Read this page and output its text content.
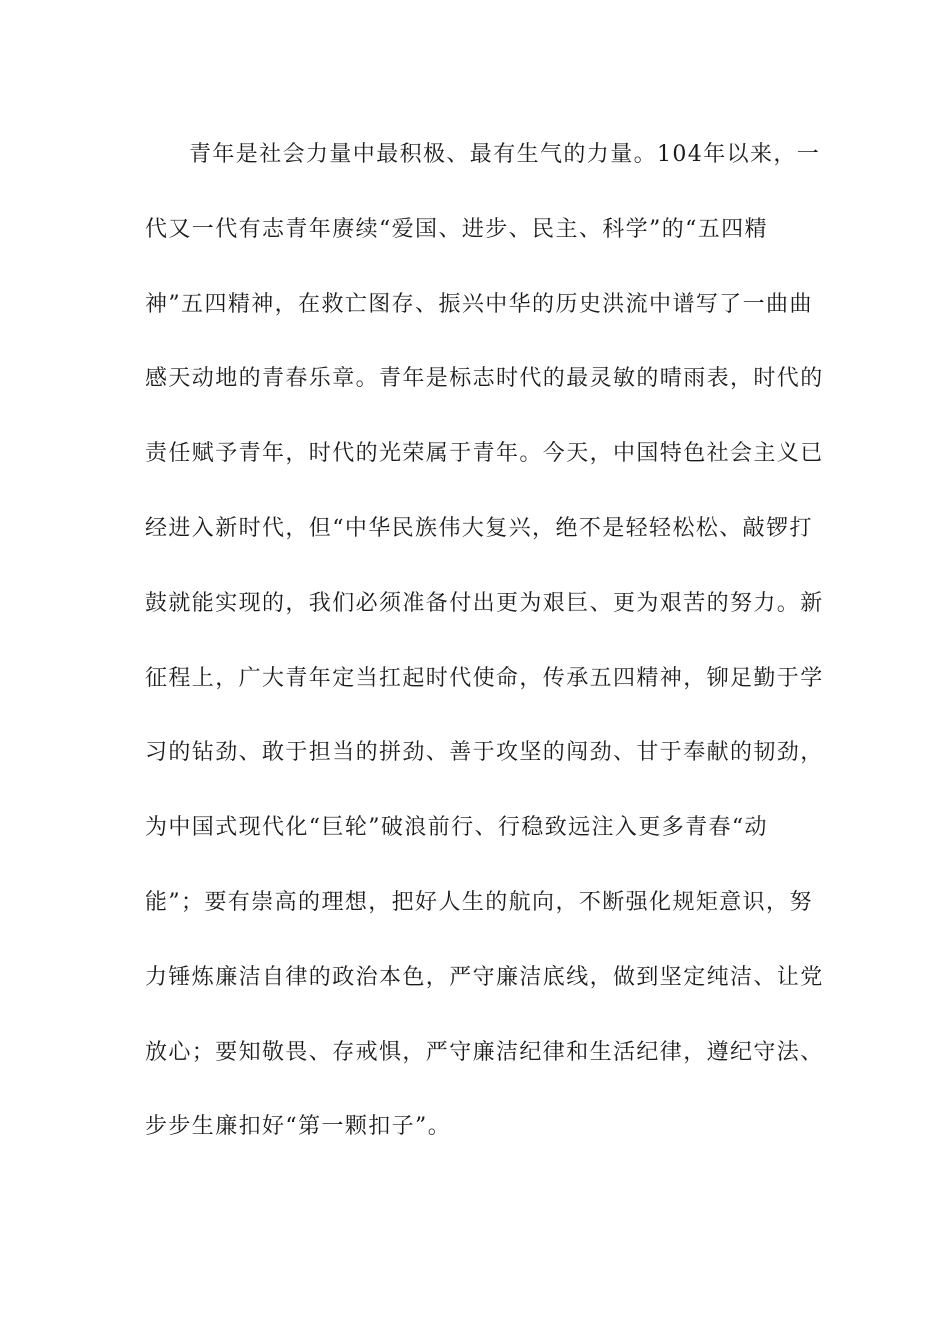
青年是社会力量中最积极、最有生气的力量。104年以来，一
代又一代有志青年赓续“爱国、进步、民主、科学”的“五四精
神”五四精神，在救亡图存、振兴中华的历史洪流中谱写了一曲曲
感天动地的青春乐章。青年是标志时代的最灵敏的晴雨表，时代的
责任赋予青年，时代的光荣属于青年。今天，中国特色社会主义已
经进入新时代，但“中华民族伟大复兴，绝不是轻轻松松、敲锣打
鼓就能实现的，我们必须准备付出更为艰巨、更为艰苦的努力。新
征程上，广大青年定当扛起时代使命，传承五四精神，铆足勤于学
习的钻劲、敢于担当的拼劲、善于攻坚的闯劲、甘于奉献的韧劲，
为中国式现代化“巨轮”破浪前行、行稳致远注入更多青春“动
能”；要有崇高的理想，把好人生的航向，不断强化规矩意识，努
力锤炼廉洁自律的政治本色，严守廉洁底线，做到坚定纯洁、让党
放心；要知敬畏、存戒惧，严守廉洁纪律和生活纪律，遵纪守法、
步步生廉扣好“第一颗扣子”。
